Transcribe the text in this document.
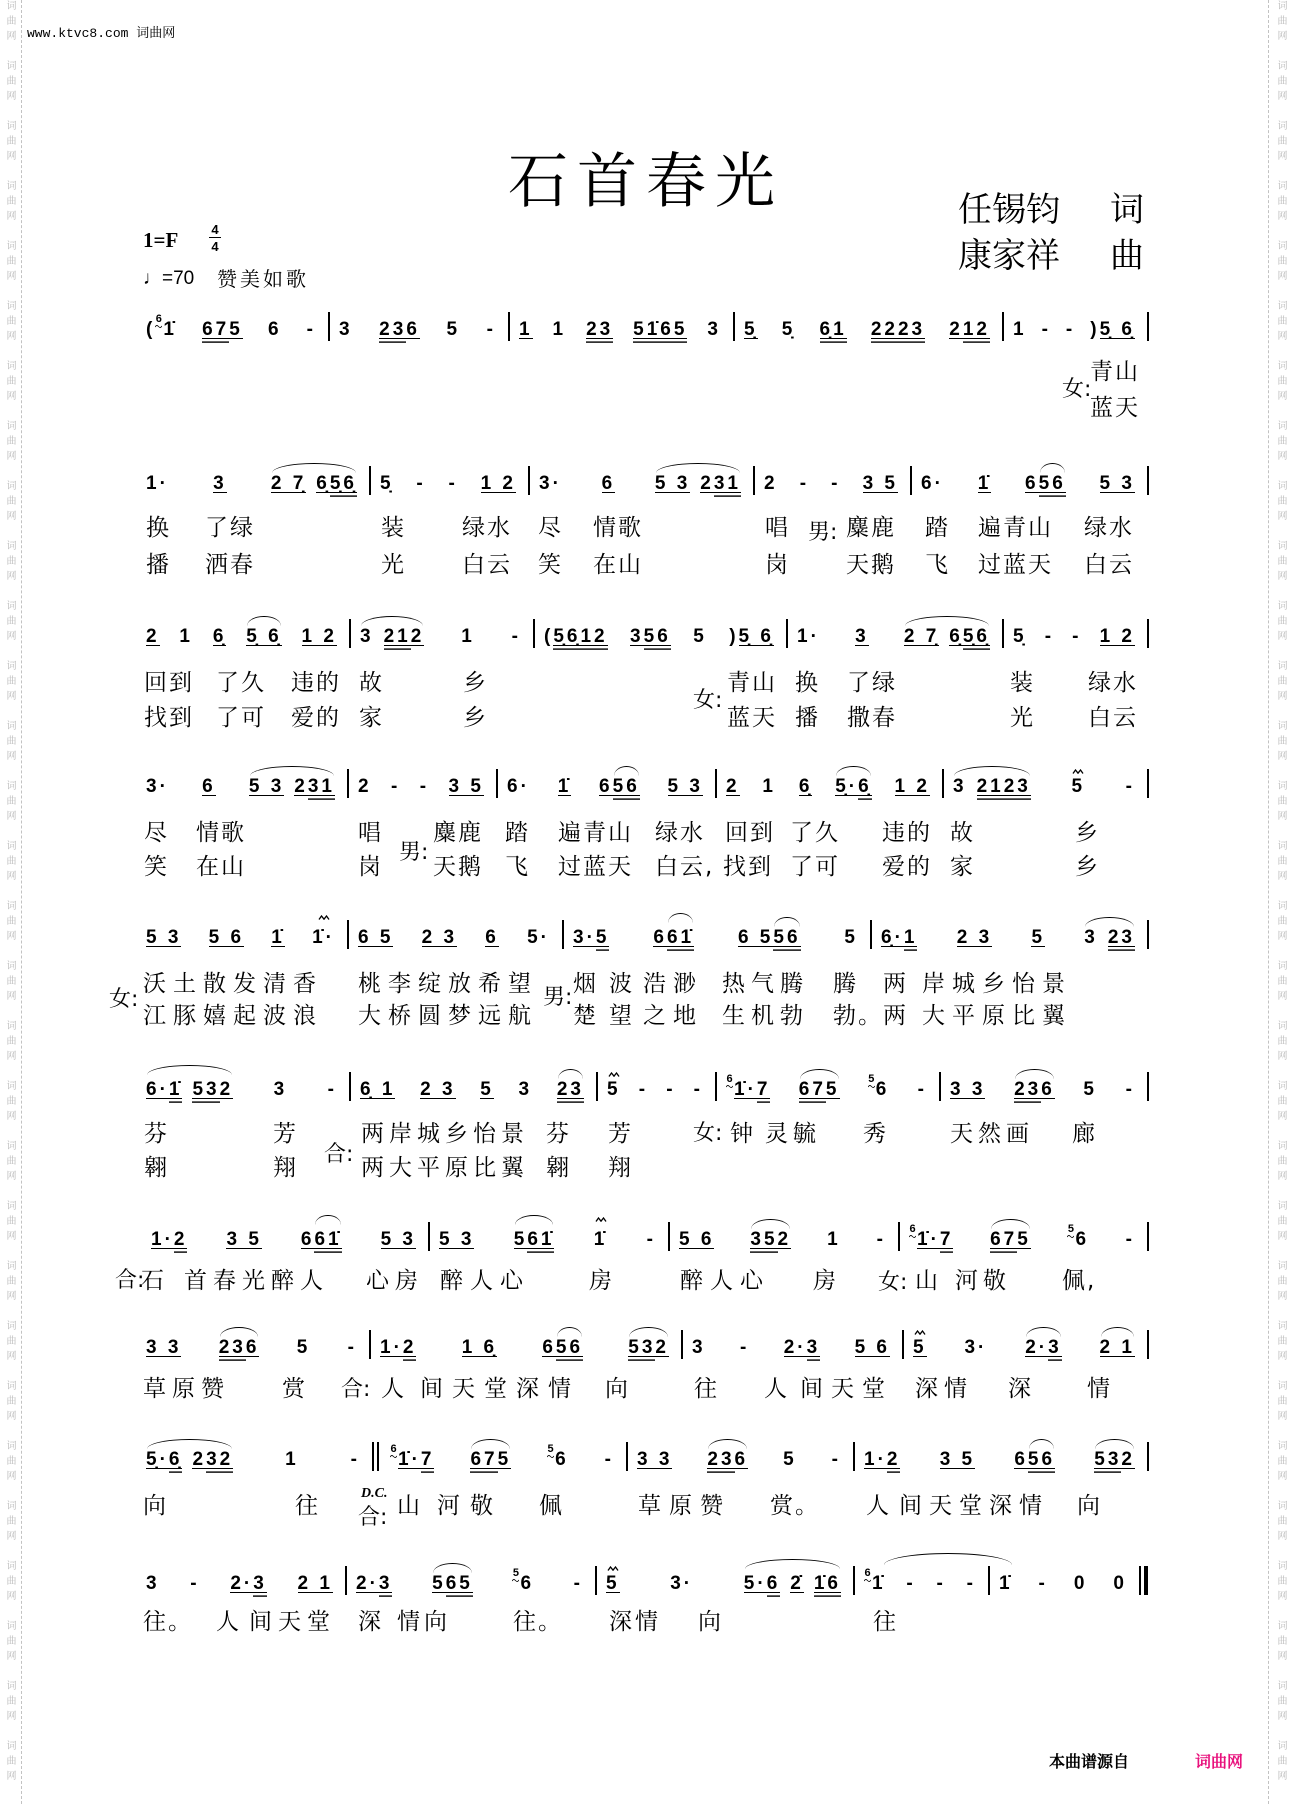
词曲网　词曲网　词曲网　词曲网　词曲网　词曲网　词曲网　词曲网　词曲网　词曲网　词曲网　词曲网　词曲网　词曲网　词曲网　词曲网　词曲网　词曲网　词曲网　词曲网　词曲网　词曲网　词曲网　词曲网　词曲网　词曲网　词曲网　词曲网　词曲网　词曲网　	词曲网　词曲网　词曲网　词曲网　词曲网　词曲网　词曲网　词曲网　词曲网　词曲网　词曲网　词曲网　词曲网　词曲网　词曲网　词曲网　词曲网　词曲网　词曲网　词曲网　词曲网　词曲网　词曲网　词曲网　词曲网　词曲网　词曲网　词曲网　词曲网　词曲网　
www.ktvc8.com 词曲网
石首春光	任锡钧 词
康家祥 曲
1=F	4
4
♩=70 赞美如歌
( 6 1̇ 67 5 6 - 3 23 6 5 - 1 1 23 51̇65 3 5̣ 5̣ 6̣1 2223 2 12 1 - - ) 5̣ 6̣
女:
青山
蓝天
1· 3 2 7̣ 6̣ 5̣6̣ 5̣ - - 1 2 3· 6 5 3 2 31 2 - - 3 5 6· 1̇ 6 56 5 3
男:
换 了绿	装 绿水 尽 情歌	唱 麋鹿 踏 遍青山 绿水
播 洒春	光 白云 笑 在山	岗 天鹅 飞 过蓝天 白云
2 1 6̣ 5̣ 6̣ 1 2 3 21 2 1 - ( 5̣6̣12 3 56 5 ) 5̣ 6̣ 1· 3 2 7̣ 6̣ 5̣6̣ 5̣ - - 1 2
女:
回到 了久 违的 故	乡	青山 换 了绿	装 绿水
找到 了可 爱的 家	乡	蓝天 播 撒春	光 白云
3· 6 5 3 2 31 2 - - 3 5 6· 1̇ 6 56 5 3 2 1 6̣ 5̣· 6̣ 1 2 3 2123 5 -
男:
尽 情歌	唱 麋鹿 踏 遍青山 绿水 回到 了久 违的 故	乡
笑 在山	岗 天鹅 飞 过蓝天 白云, 找到 了可 爱的 家	乡
5 3 5 6 1̇ 1̇· 6 5 2 3 6 5· 3· 5 6 61̇ 6 5 56 5 6̣· 1 2 3 5 3 23
女:	男:
沃土散发清香 桃李绽放希望 烟 波 浩渺 热气腾 腾 两 岸城乡怡景
江豚嬉起波浪 大桥圆梦远航 楚 望 之地 生机勃 勃。 两 大平原比翼
6· 1̇ 53 2 3 - 6̣ 1 2 3 5 3 23 5 - - - 6 1̇· 7 67 5	5 6 - 3 3 23 6 5 -
合:
女:
芬	芳	两岸城乡怡景 芬 芳	钟 灵毓 秀	天然画 廊
翱	翔	两大平原比翼 翱 翔
1· 2 3 5 6 61̇ 5 3 5 3 5 61̇ 1̇ - 5 6 35 2 1 - 6 1̇· 7 67 5	5 6 -
合:	女:
石 首春光醉人 心房 醉人心	房	醉人心 房	山 河敬 佩,
3 3 23 6 5 - 1· 2 1 6̣ 6 56 53 2 3 - 2· 3 5 6 5 3· 2· 3 2 1
合:
草原赞 赏	人 间天堂深情 向	往 人 间天堂 深情 深 情
5̣· 6̣ 2 32	1	-	6 1̇· 7 67 5	5 6 - 3 3 23 6 5 - 1· 2 3 5 6 56 53 2
D.C.
合:
向	往	山 河敬 佩	草原赞 赏。 人 间天堂深情 向
3 - 2· 3 2 1 2· 3 5 65	5 6 - 5	3·	5· 6 2̇ 1̇6 6 1̇ - - - 1̇ - 0 0
往。 人 间天堂 深 情向	往。 深情 向	往
本曲谱源自	词曲网
